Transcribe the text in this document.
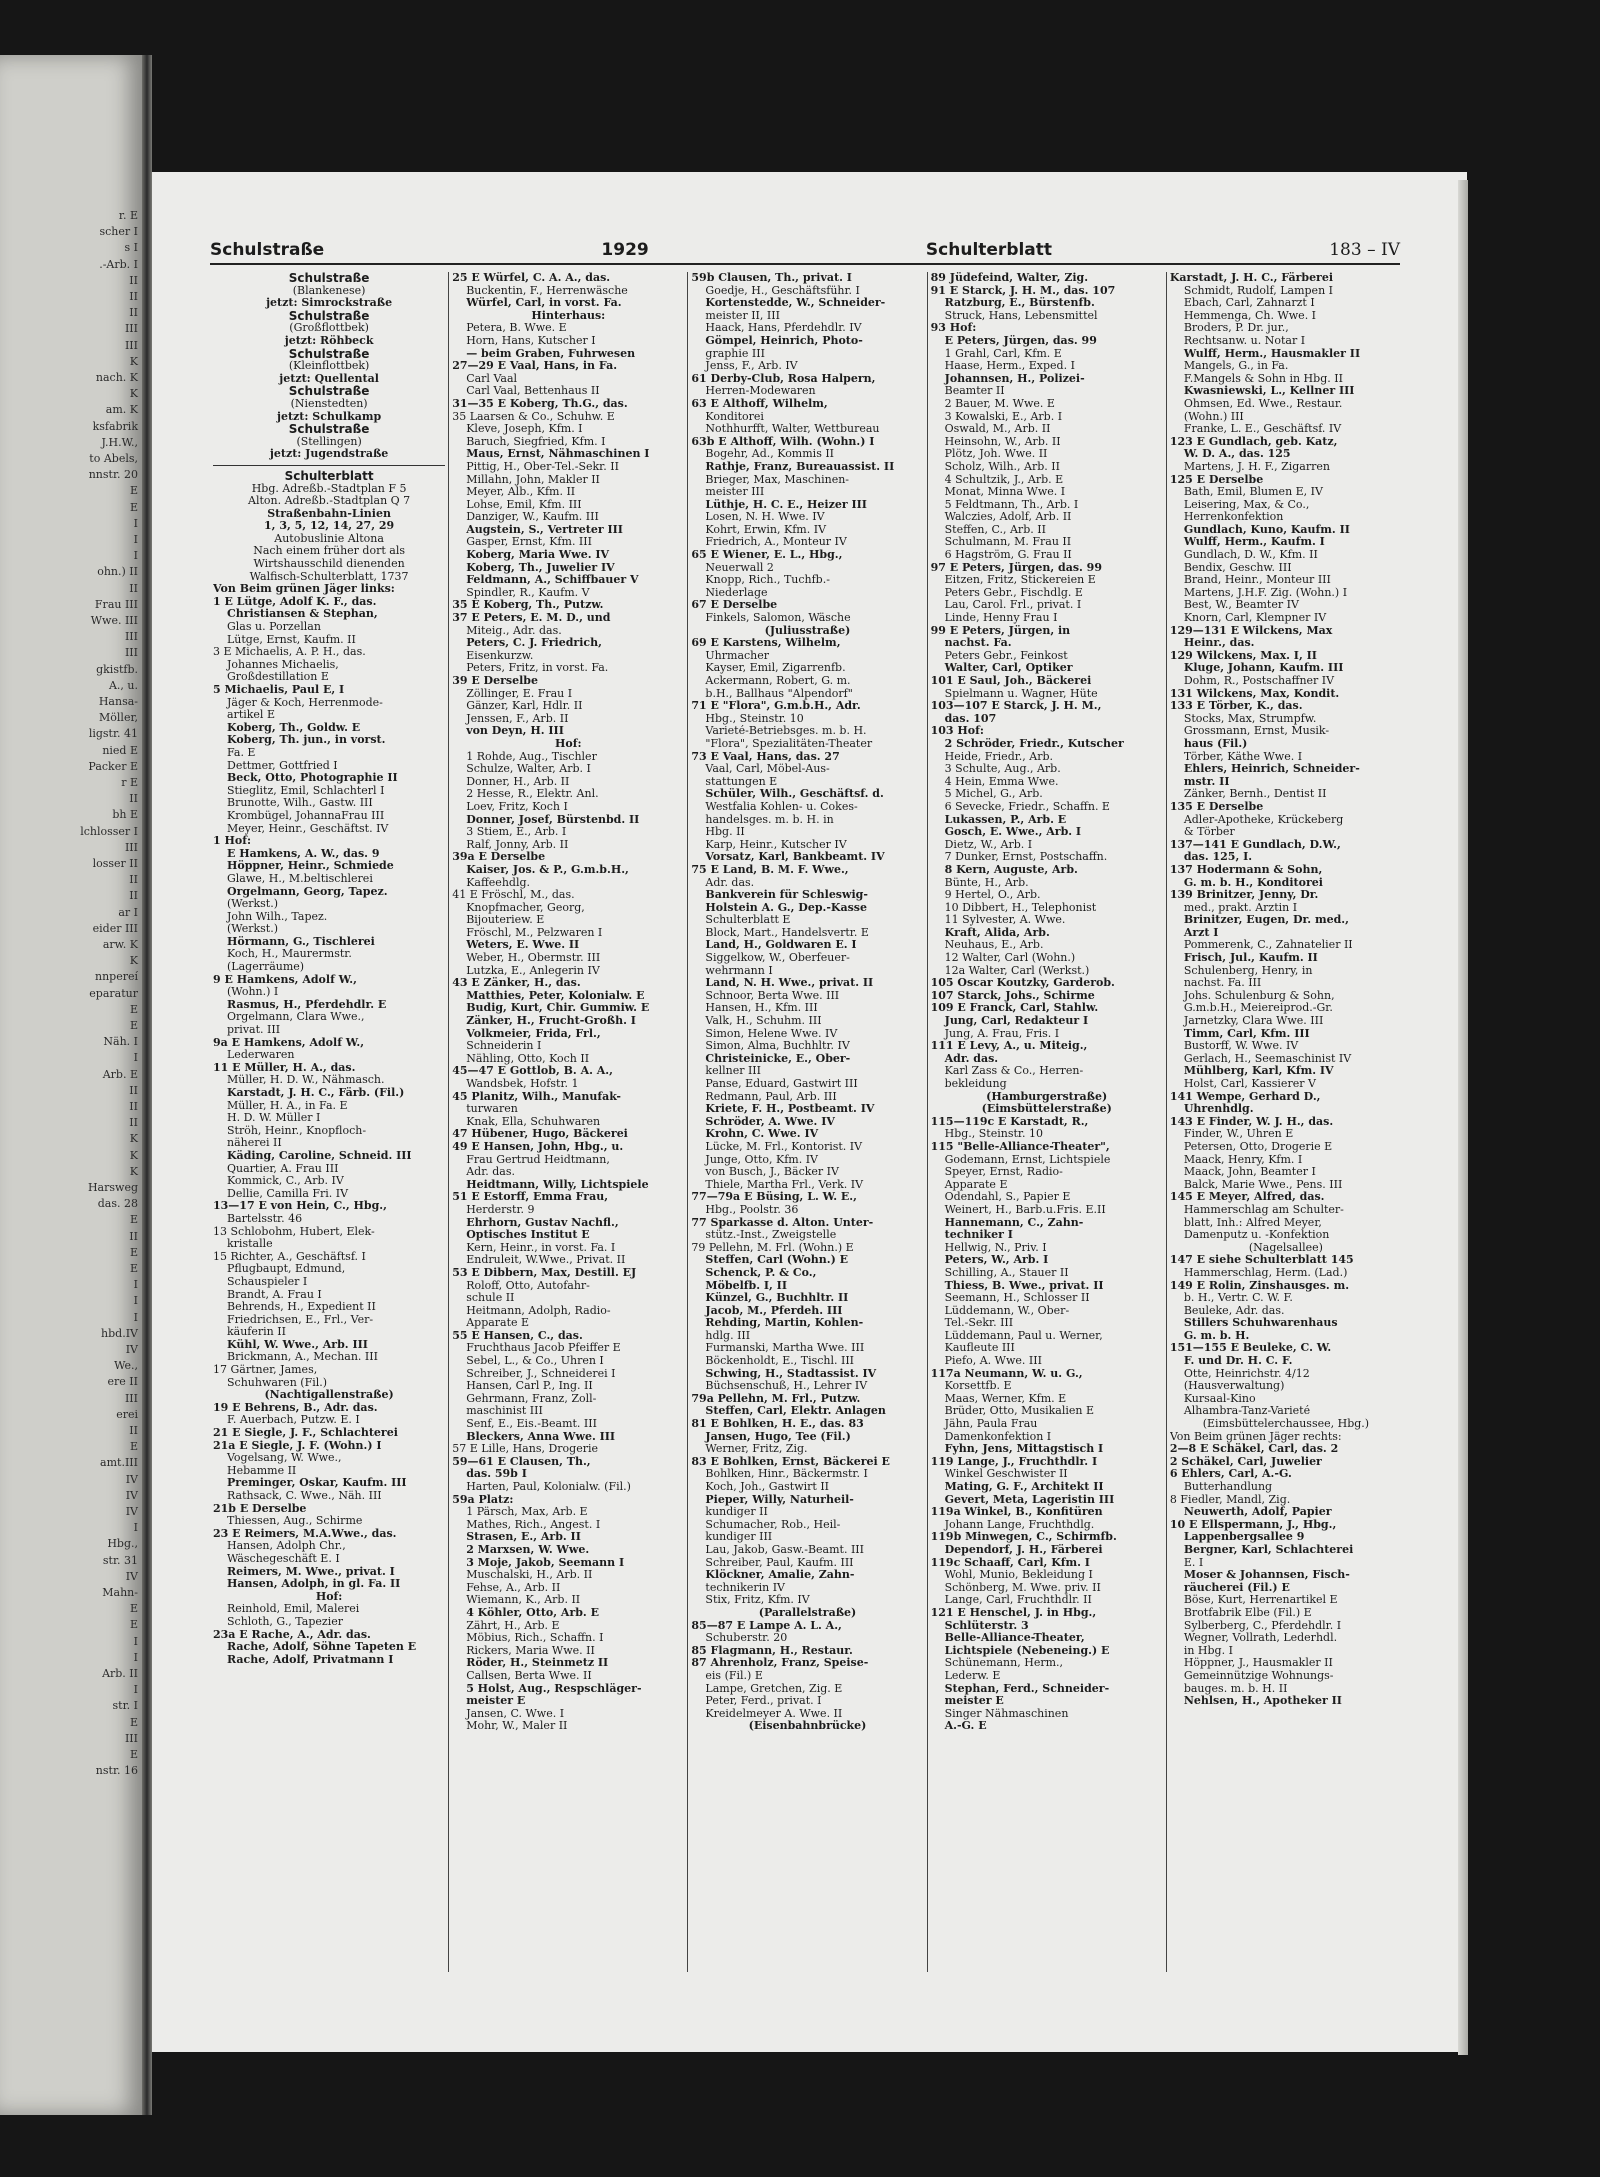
r. E
scher I
s I
.-Arb. I
II
II
II
III
III
K
nach. K
K
am. K
ksfabrik
J.H.W.,
to Abels,
nnstr. 20
E
E
I
I
I
ohn.) II
II
Frau III
Wwe. III
III
III
gkistfb.
A., u.
Hansa-
Möller,
ligstr. 41
nied E
Packer E
r E
II
bh E
lchlosser I
III
losser II
II
II
ar I
eider III
arw. K
K
nnpereí
eparatur
E
E
Näh. I
I
Arb. E
II
II
II
K
K
K
Harsweg
das. 28
E
II
E
E
I
I
I
hbd.IV
IV
We.,
ere II
III
erei
II
E
amt.III
IV
IV
IV
I
Hbg.,
str. 31
IV
Mahn-
E
E
I
I
Arb. II
I
str. I
E
III
E
nstr. 16
Schulstraße	1929	Schulterblatt	183 – IV
Schulstraße
(Blankenese)
jetzt: Simrockstraße
Schulstraße
(Großflottbek)
jetzt: Röhbeck
Schulstraße
(Kleinflottbek)
jetzt: Quellental
Schulstraße
(Nienstedten)
jetzt: Schulkamp
Schulstraße
(Stellingen)
jetzt: Jugendstraße
Schulterblatt
Hbg. Adreßb.-Stadtplan F 5
Alton. Adreßb.-Stadtplan Q 7
Straßenbahn-Linien
1, 3, 5, 12, 14, 27, 29
Autobuslinie Altona
Nach einem früher dort als
Wirtshausschild dienenden
Walfisch-Schulterblatt, 1737
Von Beim grünen Jäger links:
1 E Lütge, Adolf K. F., das.
Christiansen & Stephan,
Glas u. Porzellan
Lütge, Ernst, Kaufm. II
3 E Michaelis, A. P. H., das.
Johannes Michaelis,
Großdestillation E
5 Michaelis, Paul E, I
Jäger & Koch, Herrenmode-
artikel E
Koberg, Th., Goldw. E
Koberg, Th. jun., in vorst.
Fa. E
Dettmer, Gottfried I
Beck, Otto, Photographie II
Stieglitz, Emil, Schlachterl I
Brunotte, Wilh., Gastw. III
Krombügel, JohannaFrau III
Meyer, Heinr., Geschäftst. IV
1 Hof:
E Hamkens, A. W., das. 9
Höppner, Heinr., Schmiede
Glawe, H., M.beltischlerei
Orgelmann, Georg, Tapez.
(Werkst.)
John Wilh., Tapez.
(Werkst.)
Hörmann, G., Tischlerei
Koch, H., Maurermstr.
(Lagerräume)
9 E Hamkens, Adolf W.,
(Wohn.) I
Rasmus, H., Pferdehdlr. E
Orgelmann, Clara Wwe.,
privat. III
9a E Hamkens, Adolf W.,
Lederwaren
11 E Müller, H. A., das.
Müller, H. D. W., Nähmasch.
Karstadt, J. H. C., Färb. (Fil.)
Müller, H. A., in Fa. E
H. D. W. Müller I
Ströh, Heinr., Knopfloch-
näherei II
Käding, Caroline, Schneid. III
Quartier, A. Frau III
Kommick, C., Arb. IV
Dellie, Camilla Fri. IV
13—17 E von Hein, C., Hbg.,
Bartelsstr. 46
13 Schlobohm, Hubert, Elek-
kristalle
15 Richter, A., Geschäftsf. I
Pflugbaupt, Edmund,
Schauspieler I
Brandt, A. Frau I
Behrends, H., Expedient II
Friedrichsen, E., Frl., Ver-
käuferin II
Kühl, W. Wwe., Arb. III
Brickmann, A., Mechan. III
17 Gärtner, James,
Schuhwaren (Fil.)
(Nachtigallenstraße)
19 E Behrens, B., Adr. das.
F. Auerbach, Putzw. E. I
21 E Siegle, J. F., Schlachterei
21a E Siegle, J. F. (Wohn.) I
Vogelsang, W. Wwe.,
Hebamme II
Preminger, Oskar, Kaufm. III
Rathsack, C. Wwe., Näh. III
21b E Derselbe
Thiessen, Aug., Schirme
23 E Reimers, M.A.Wwe., das.
Hansen, Adolph Chr.,
Wäschegeschäft E. I
Reimers, M. Wwe., privat. I
Hansen, Adolph, in gl. Fa. II
Hof:
Reinhold, Emil, Malerei
Schloth, G., Tapezier
23a E Rache, A., Adr. das.
Rache, Adolf, Söhne Tapeten E
Rache, Adolf, Privatmann I
25 E Würfel, C. A. A., das.
Buckentin, F., Herrenwäsche
Würfel, Carl, in vorst. Fa.
Hinterhaus:
Petera, B. Wwe. E
Horn, Hans, Kutscher I
— beim Graben, Fuhrwesen
27—29 E Vaal, Hans, in Fa.
Carl Vaal
Carl Vaal, Bettenhaus II
31—35 E Koberg, Th.G., das.
35 Laarsen & Co., Schuhw. E
Kleve, Joseph, Kfm. I
Baruch, Siegfried, Kfm. I
Maus, Ernst, Nähmaschinen I
Pittig, H., Ober-Tel.-Sekr. II
Millahn, John, Makler II
Meyer, Alb., Kfm. II
Lohse, Emil, Kfm. III
Danziger, W., Kaufm. III
Augstein, S., Vertreter III
Gasper, Ernst, Kfm. III
Koberg, Maria Wwe. IV
Koberg, Th., Juwelier IV
Feldmann, A., Schiffbauer V
Spindler, R., Kaufm. V
35 E Koberg, Th., Putzw.
37 E Peters, E. M. D., und
Miteig., Adr. das.
Peters, C. J. Friedrich,
Eisenkurzw.
Peters, Fritz, in vorst. Fa.
39 E Derselbe
Zöllinger, E. Frau I
Gänzer, Karl, Hdlr. II
Jenssen, F., Arb. II
von Deyn, H. III
Hof:
1 Rohde, Aug., Tischler
Schulze, Walter, Arb. I
Donner, H., Arb. II
2 Hesse, R., Elektr. Anl.
Loev, Fritz, Koch I
Donner, Josef, Bürstenbd. II
3 Stiem, E., Arb. I
Ralf, Jonny, Arb. II
39a E Derselbe
Kaiser, Jos. & P., G.m.b.H.,
Kaffeehdlg.
41 E Fröschl, M., das.
Knopfmacher, Georg,
Bijouteriew. E
Fröschl, M., Pelzwaren I
Weters, E. Wwe. II
Weber, H., Obermstr. III
Lutzka, E., Anlegerin IV
43 E Zänker, H., das.
Matthies, Peter, Kolonialw. E
Budig, Kurt, Chir. Gummiw. E
Zänker, H., Frucht-Großh. I
Volkmeier, Frida, Frl.,
Schneiderin I
Nähling, Otto, Koch II
45—47 E Gottlob, B. A. A.,
Wandsbek, Hofstr. 1
45 Planitz, Wilh., Manufak-
turwaren
Knak, Ella, Schuhwaren
47 Hübener, Hugo, Bäckerei
49 E Hansen, John, Hbg., u.
Frau Gertrud Heidtmann,
Adr. das.
Heidtmann, Willy, Lichtspiele
51 E Estorff, Emma Frau,
Herderstr. 9
Ehrhorn, Gustav Nachfl.,
Optisches Institut E
Kern, Heinr., in vorst. Fa. I
Endruleit, W.Wwe., Privat. II
53 E Dibbern, Max, Destill. EJ
Roloff, Otto, Autofahr-
schule II
Heitmann, Adolph, Radio-
Apparate E
55 E Hansen, C., das.
Fruchthaus Jacob Pfeiffer E
Sebel, L., & Co., Uhren I
Schreiber, J., Schneiderei I
Hansen, Carl P., Ing. II
Gehrmann, Franz, Zoll-
maschinist III
Senf, E., Eis.-Beamt. III
Bleckers, Anna Wwe. III
57 E Lille, Hans, Drogerie
59—61 E Clausen, Th.,
das. 59b I
Harten, Paul, Kolonialw. (Fil.)
59a Platz:
1 Pärsch, Max, Arb. E
Mathes, Rich., Angest. I
Strasen, E., Arb. II
2 Marxsen, W. Wwe.
3 Moje, Jakob, Seemann I
Muschalski, H., Arb. II
Fehse, A., Arb. II
Wiemann, K., Arb. II
4 Köhler, Otto, Arb. E
Zährt, H., Arb. E
Möbius, Rich., Schaffn. I
Rickers, Maria Wwe. II
Röder, H., Steinmetz II
Callsen, Berta Wwe. II
5 Holst, Aug., Respschläger-
meister E
Jansen, C. Wwe. I
Mohr, W., Maler II
59b Clausen, Th., privat. I
Goedje, H., Geschäftsführ. I
Kortenstedde, W., Schneider-
meister II, III
Haack, Hans, Pferdehdlr. IV
Gömpel, Heinrich, Photo-
graphie III
Jenss, F., Arb. IV
61 Derby-Club, Rosa Halpern,
Herren-Modewaren
63 E Althoff, Wilhelm,
Konditorei
Nothhurfft, Walter, Wettbureau
63b E Althoff, Wilh. (Wohn.) I
Bogehr, Ad., Kommis II
Rathje, Franz, Bureauassist. II
Brieger, Max, Maschinen-
meister III
Lüthje, H. C. E., Heizer III
Losen, N. H. Wwe. IV
Kohrt, Erwin, Kfm. IV
Friedrich, A., Monteur IV
65 E Wiener, E. L., Hbg.,
Neuerwall 2
Knopp, Rich., Tuchfb.-
Niederlage
67 E Derselbe
Finkels, Salomon, Wäsche
(Juliusstraße)
69 E Karstens, Wilhelm,
Uhrmacher
Kayser, Emil, Zigarrenfb.
Ackermann, Robert, G. m.
b.H., Ballhaus "Alpendorf"
71 E "Flora", G.m.b.H., Adr.
Hbg., Steinstr. 10
Varieté-Betriebsges. m. b. H.
"Flora", Spezialitäten-Theater
73 E Vaal, Hans, das. 27
Vaal, Carl, Möbel-Aus-
stattungen E
Schüler, Wilh., Geschäftsf. d.
Westfalia Kohlen- u. Cokes-
handelsges. m. b. H. in
Hbg. II
Karp, Heinr., Kutscher IV
Vorsatz, Karl, Bankbeamt. IV
75 E Land, B. M. F. Wwe.,
Adr. das.
Bankverein für Schleswig-
Holstein A. G., Dep.-Kasse
Schulterblatt E
Block, Mart., Handelsvertr. E
Land, H., Goldwaren E. I
Siggelkow, W., Oberfeuer-
wehrmann I
Land, N. H. Wwe., privat. II
Schnoor, Berta Wwe. III
Hansen, H., Kfm. III
Valk, H., Schuhm. III
Simon, Helene Wwe. IV
Simon, Alma, Buchhltr. IV
Christeinicke, E., Ober-
kellner III
Panse, Eduard, Gastwirt III
Redmann, Paul, Arb. III
Kriete, F. H., Postbeamt. IV
Schröder, A. Wwe. IV
Krohn, C. Wwe. IV
Lücke, M. Frl., Kontorist. IV
Junge, Otto, Kfm. IV
von Busch, J., Bäcker IV
Thiele, Martha Frl., Verk. IV
77—79a E Büsing, L. W. E.,
Hbg., Poolstr. 36
77 Sparkasse d. Alton. Unter-
stütz.-Inst., Zweigstelle
79 Pellehn, M. Frl. (Wohn.) E
Steffen, Carl (Wohn.) E
Schenck, P. & Co.,
Möbelfb. I, II
Künzel, G., Buchhltr. II
Jacob, M., Pferdeh. III
Rehding, Martin, Kohlen-
hdlg. III
Furmanski, Martha Wwe. III
Böckenholdt, E., Tischl. III
Schwing, H., Stadtassist. IV
Büchsenschuß, H., Lehrer IV
79a Pellehn, M. Frl., Putzw.
Steffen, Carl, Elektr. Anlagen
81 E Bohlken, H. E., das. 83
Jansen, Hugo, Tee (Fil.)
Werner, Fritz, Zig.
83 E Bohlken, Ernst, Bäckerei E
Bohlken, Hinr., Bäckermstr. I
Koch, Joh., Gastwirt II
Pieper, Willy, Naturheil-
kundiger II
Schumacher, Rob., Heil-
kundiger III
Lau, Jakob, Gasw.-Beamt. III
Schreiber, Paul, Kaufm. III
Klöckner, Amalie, Zahn-
technikerin IV
Stix, Fritz, Kfm. IV
(Parallelstraße)
85—87 E Lampe A. L. A.,
Schuberstr. 20
85 Flagmann, H., Restaur.
87 Ahrenholz, Franz, Speise-
eis (Fil.) E
Lampe, Gretchen, Zig. E
Peter, Ferd., privat. I
Kreidelmeyer A. Wwe. II
(Eisenbahnbrücke)
89 Jüdefeind, Walter, Zig.
91 E Starck, J. H. M., das. 107
Ratzburg, E., Bürstenfb.
Struck, Hans, Lebensmittel
93 Hof:
E Peters, Jürgen, das. 99
1 Grahl, Carl, Kfm. E
Haase, Herm., Exped. I
Johannsen, H., Polizei-
Beamter II
2 Bauer, M. Wwe. E
3 Kowalski, E., Arb. I
Oswald, M., Arb. II
Heinsohn, W., Arb. II
Plötz, Joh. Wwe. II
Scholz, Wilh., Arb. II
4 Schultzik, J., Arb. E
Monat, Minna Wwe. I
5 Feldtmann, Th., Arb. I
Walczies, Adolf, Arb. II
Steffen, C., Arb. II
Schulmann, M. Frau II
6 Hagström, G. Frau II
97 E Peters, Jürgen, das. 99
Eitzen, Fritz, Stickereien E
Peters Gebr., Fischdlg. E
Lau, Carol. Frl., privat. I
Linde, Henny Frau I
99 E Peters, Jürgen, in
nachst. Fa.
Peters Gebr., Feinkost
Walter, Carl, Optiker
101 E Saul, Joh., Bäckerei
Spielmann u. Wagner, Hüte
103—107 E Starck, J. H. M.,
das. 107
103 Hof:
2 Schröder, Friedr., Kutscher
Heide, Friedr., Arb.
3 Schulte, Aug., Arb.
4 Hein, Emma Wwe.
5 Michel, G., Arb.
6 Sevecke, Friedr., Schaffn. E
Lukassen, P., Arb. E
Gosch, E. Wwe., Arb. I
Dietz, W., Arb. I
7 Dunker, Ernst, Postschaffn.
8 Kern, Auguste, Arb.
Bünte, H., Arb.
9 Hertel, O., Arb.
10 Dibbert, H., Telephonist
11 Sylvester, A. Wwe.
Kraft, Alida, Arb.
Neuhaus, E., Arb.
12 Walter, Carl (Wohn.)
12a Walter, Carl (Werkst.)
105 Oscar Koutzky, Garderob.
107 Starck, Johs., Schirme
109 E Franck, Carl, Stahlw.
Jung, Carl, Redakteur I
Jung, A. Frau, Fris. I
111 E Levy, A., u. Miteig.,
Adr. das.
Karl Zass & Co., Herren-
bekleidung
(Hamburgerstraße)
(Eimsbüttelerstraße)
115—119c E Karstadt, R.,
Hbg., Steinstr. 10
115 "Belle-Alliance-Theater",
Godemann, Ernst, Lichtspiele
Speyer, Ernst, Radio-
Apparate E
Odendahl, S., Papier E
Weinert, H., Barb.u.Fris. E.II
Hannemann, C., Zahn-
techniker I
Hellwig, N., Priv. I
Peters, W., Arb. I
Schilling, A., Stauer II
Thiess, B. Wwe., privat. II
Seemann, H., Schlosser II
Lüddemann, W., Ober-
Tel.-Sekr. III
Lüddemann, Paul u. Werner,
Kaufleute III
Piefo, A. Wwe. III
117a Neumann, W. u. G.,
Korsettfb. E
Maas, Werner, Kfm. E
Brüder, Otto, Musikalien E
Jähn, Paula Frau
Damenkonfektion I
Fyhn, Jens, Mittagstisch I
119 Lange, J., Fruchthdlr. I
Winkel Geschwister II
Mating, G. F., Architekt II
Gevert, Meta, Lageristin III
119a Winkel, B., Konfitüren
Johann Lange, Fruchthdlg.
119b Minwegen, C., Schirmfb.
Dependorf, J. H., Färberei
119c Schaaff, Carl, Kfm. I
Wohl, Munio, Bekleidung I
Schönberg, M. Wwe. priv. II
Lange, Carl, Fruchthdlr. II
121 E Henschel, J. in Hbg.,
Schlüterstr. 3
Belle-Alliance-Theater,
Lichtspiele (Nebeneing.) E
Schünemann, Herm.,
Lederw. E
Stephan, Ferd., Schneider-
meister E
Singer Nähmaschinen
A.-G. E
Karstadt, J. H. C., Färberei
Schmidt, Rudolf, Lampen I
Ebach, Carl, Zahnarzt I
Hemmenga, Ch. Wwe. I
Broders, P. Dr. jur.,
Rechtsanw. u. Notar I
Wulff, Herm., Hausmakler II
Mangels, G., in Fa.
F.Mangels & Sohn in Hbg. II
Kwasniewski, L., Kellner III
Ohmsen, Ed. Wwe., Restaur.
(Wohn.) III
Franke, L. E., Geschäftsf. IV
123 E Gundlach, geb. Katz,
W. D. A., das. 125
Martens, J. H. F., Zigarren
125 E Derselbe
Bath, Emil, Blumen E, IV
Leisering, Max, & Co.,
Herrenkonfektion
Gundlach, Kuno, Kaufm. II
Wulff, Herm., Kaufm. I
Gundlach, D. W., Kfm. II
Bendix, Geschw. III
Brand, Heinr., Monteur III
Martens, J.H.F. Zig. (Wohn.) I
Best, W., Beamter IV
Knorn, Carl, Klempner IV
129—131 E Wilckens, Max
Heinr., das.
129 Wilckens, Max. I, II
Kluge, Johann, Kaufm. III
Dohm, R., Postschaffner IV
131 Wilckens, Max, Kondit.
133 E Törber, K., das.
Stocks, Max, Strumpfw.
Grossmann, Ernst, Musik-
haus (Fil.)
Törber, Käthe Wwe. I
Ehlers, Heinrich, Schneider-
mstr. II
Zänker, Bernh., Dentist II
135 E Derselbe
Adler-Apotheke, Krückeberg
& Törber
137—141 E Gundlach, D.W.,
das. 125, I.
137 Hodermann & Sohn,
G. m. b. H., Konditorei
139 Brinitzer, Jenny, Dr.
med., prakt. Ärztin I
Brinitzer, Eugen, Dr. med.,
Arzt I
Pommerenk, C., Zahnatelier II
Frisch, Jul., Kaufm. II
Schulenberg, Henry, in
nachst. Fa. III
Johs. Schulenburg & Sohn,
G.m.b.H., Meiereiprod.-Gr.
Jarnetzky, Clara Wwe. III
Timm, Carl, Kfm. III
Bustorff, W. Wwe. IV
Gerlach, H., Seemaschinist IV
Mühlberg, Karl, Kfm. IV
Holst, Carl, Kassierer V
141 Wempe, Gerhard D.,
Uhrenhdlg.
143 E Finder, W. J. H., das.
Finder, W., Uhren E
Petersen, Otto, Drogerie E
Maack, Henry, Kfm. I
Maack, John, Beamter I
Balck, Marie Wwe., Pens. III
145 E Meyer, Alfred, das.
Hammerschlag am Schulter-
blatt, Inh.: Alfred Meyer,
Damenputz u. -Konfektion
(Nagelsallee)
147 E siehe Schulterblatt 145
Hammerschlag, Herm. (Lad.)
149 E Rolin, Zinshausges. m.
b. H., Vertr. C. W. F.
Beuleke, Adr. das.
Stillers Schuhwarenhaus
G. m. b. H.
151—155 E Beuleke, C. W.
F. und Dr. H. C. F.
Otte, Heinrichstr. 4/12
(Hausverwaltung)
Kursaal-Kino
Alhambra-Tanz-Varieté
(Eimsbüttelerchaussee, Hbg.)
Von Beim grünen Jäger rechts:
2—8 E Schäkel, Carl, das. 2
2 Schäkel, Carl, Juwelier
6 Ehlers, Carl, A.-G.
Butterhandlung
8 Fiedler, Mandl, Zig.
Neuwerth, Adolf, Papier
10 E Ellspermann, J., Hbg.,
Lappenbergsallee 9
Bergner, Karl, Schlachterei
E. I
Moser & Johannsen, Fisch-
räucherei (Fil.) E
Böse, Kurt, Herrenartikel E
Brotfabrik Elbe (Fil.) E
Sylberberg, C., Pferdehdlr. I
Wegner, Vollrath, Lederhdl.
in Hbg. I
Höppner, J., Hausmakler II
Gemeinnützige Wohnungs-
bauges. m. b. H. II
Nehlsen, H., Apotheker II
